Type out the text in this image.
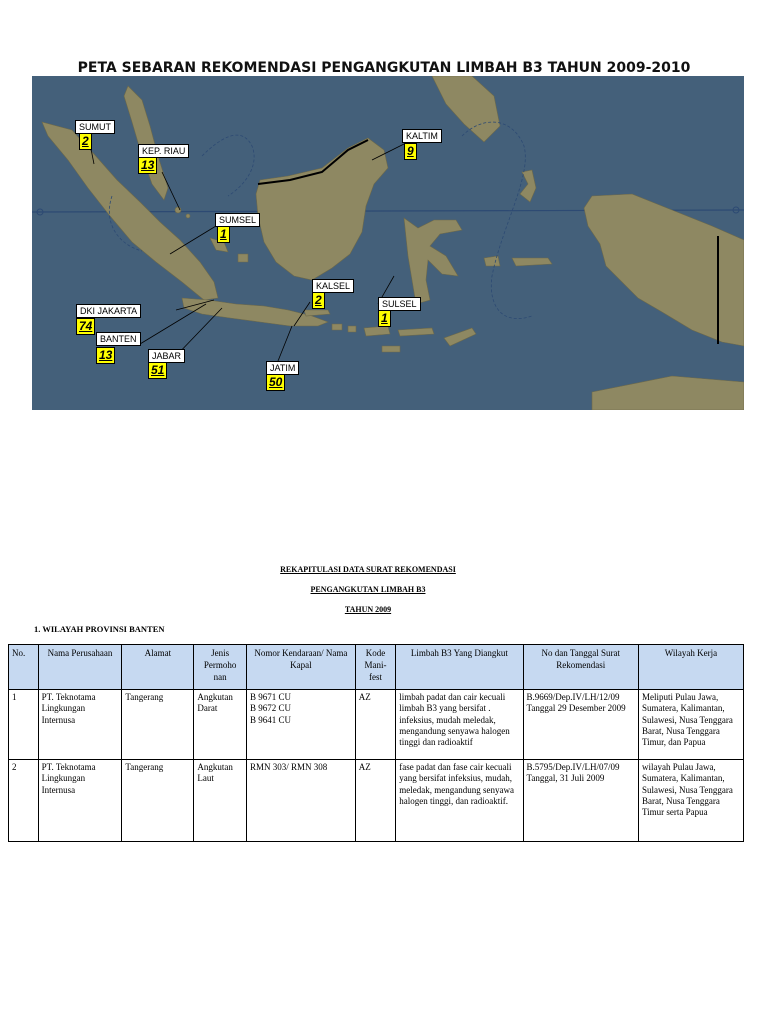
PETA SEBARAN REKOMENDASI PENGANGKUTAN LIMBAH B3 TAHUN 2009-2010
SUMUT
2
KEP. RIAU
13
KALTIM
9
SUMSEL
1
KALSEL
2	SULSEL
1
DKI JAKARTA
74
BANTEN
13	JABAR
51	JATIM
50
REKAPITULASI DATA SURAT REKOMENDASI
PENGANGKUTAN LIMBAH B3
TAHUN 2009
1. WILAYAH PROVINSI BANTEN
No.	Nama Perusahaan	Alamat	Jenis Permoho nan	Nomor Kendaraan/ Nama Kapal	Kode Mani- fest	Limbah B3 Yang Diangkut	No dan Tanggal Surat Rekomendasi	Wilayah Kerja
1	PT. Teknotama Lingkungan Internusa	Tangerang	Angkutan Darat	B 9671 CU
B 9672 CU
B 9641 CU	AZ	limbah padat dan cair kecuali limbah B3 yang bersifat . infeksius, mudah meledak, mengandung senyawa halogen tinggi dan radioaktif	B.9669/Dep.IV/LH/12/09 Tanggal 29 Desember 2009	Meliputi Pulau Jawa, Sumatera, Kalimantan, Sulawesi, Nusa Tenggara Barat, Nusa Tenggara Timur, dan Papua
2	PT. Teknotama Lingkungan Internusa	Tangerang	Angkutan Laut	RMN 303/ RMN 308	AZ	fase padat dan fase cair kecuali yang bersifat infeksius, mudah, meledak, mengandung senyawa halogen tinggi, dan radioaktif.	B.5795/Dep.IV/LH/07/09 Tanggal, 31 Juli 2009	wilayah Pulau Jawa, Sumatera, Kalimantan, Sulawesi, Nusa Tenggara Barat, Nusa Tenggara Timur serta Papua
